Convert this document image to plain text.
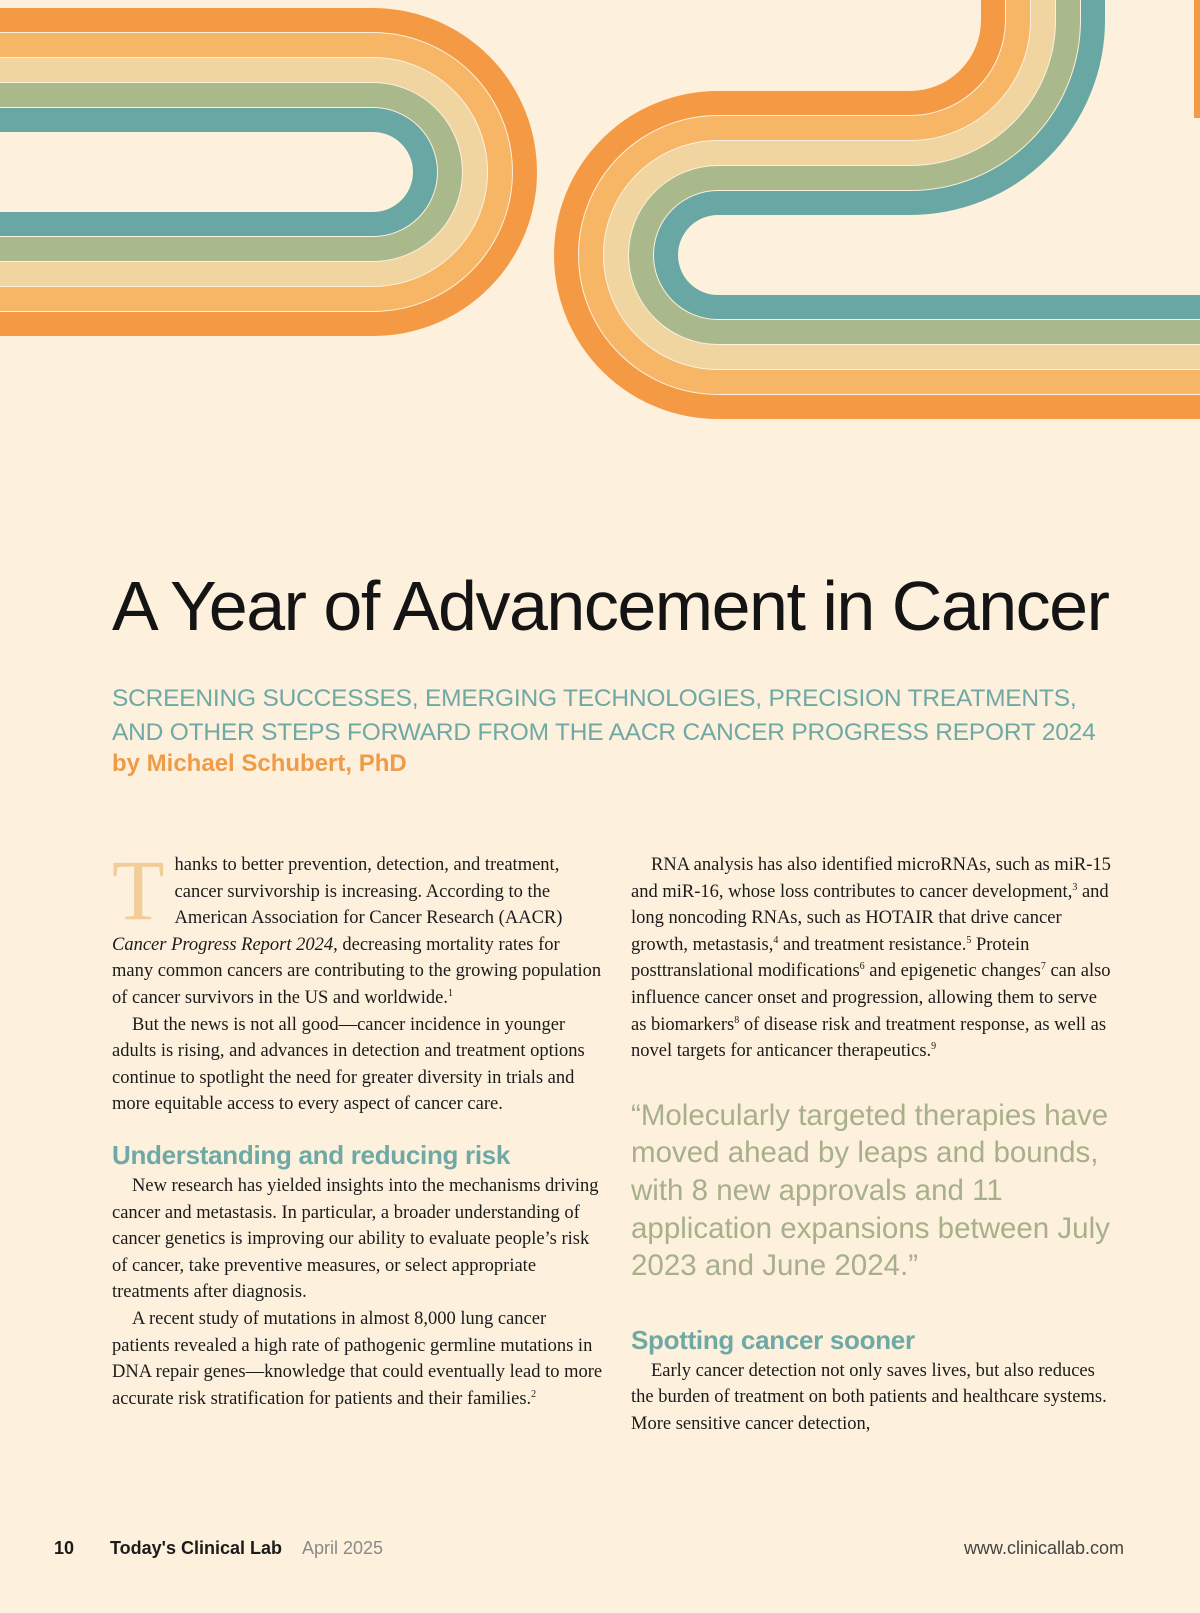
A Year of Advancement in Cancer

SCREENING SUCCESSES, EMERGING TECHNOLOGIES, PRECISION TREATMENTS,
AND OTHER STEPS FORWARD FROM THE AACR CANCER PROGRESS REPORT 2024

by Michael Schubert, PhD

Thanks to better prevention, detection, and treatment, cancer survivorship is increasing. According to the American Association for Cancer Research (AACR) Cancer Progress Report 2024, decreasing mortality rates for many common cancers are contributing to the growing population of cancer survivors in the US and worldwide.$^1$

But the news is not all good—cancer incidence in younger adults is rising, and advances in detection and treatment options continue to spotlight the need for greater diversity in trials and more equitable access to every aspect of cancer care.

Understanding and reducing risk

New research has yielded insights into the mechanisms driving cancer and metastasis. In particular, a broader understanding of cancer genetics is improving our ability to evaluate people’s risk of cancer, take preventive measures, or select appropriate treatments after diagnosis.

A recent study of mutations in almost 8,000 lung cancer patients revealed a high rate of pathogenic germline mutations in DNA repair genes—knowledge that could eventually lead to more accurate risk stratification for patients and their families.$^2$

RNA analysis has also identified microRNAs, such as miR-15 and miR-16, whose loss contributes to cancer development,$^3$ and long noncoding RNAs, such as HOTAIR that drive cancer growth, metastasis,$^4$ and treatment resistance.$^5$ Protein posttranslational modifications$^6$ and epigenetic changes$^7$ can also influence cancer onset and progression, allowing them to serve as biomarkers$^8$ of disease risk and treatment response, as well as novel targets for anticancer therapeutics.$^9$

“Molecularly targeted therapies have moved ahead by leaps and bounds, with 8 new approvals and 11 application expansions between July 2023 and June 2024.”
Spotting cancer sooner

Early cancer detection not only saves lives, but also reduces the burden of treatment on both patients and healthcare systems. More sensitive cancer detection,

10	Today's Clinical Lab April 2025	www.clinicallab.com
